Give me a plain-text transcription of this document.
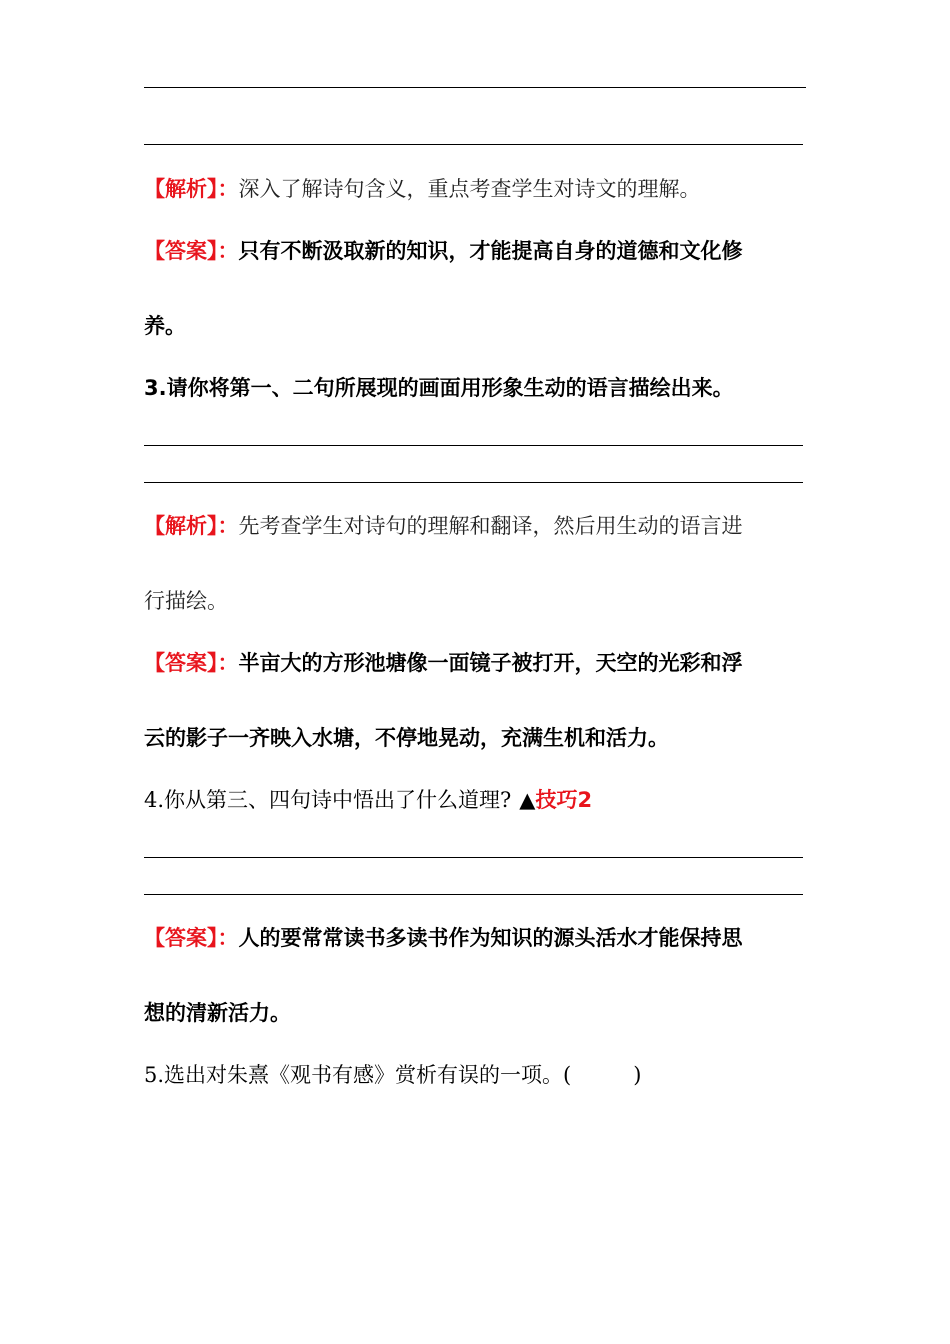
【解析】：深入了解诗句含义，重点考查学生对诗文的理解。
【答案】：只有不断汲取新的知识，才能提高自身的道德和文化修
养。
3.请你将第一、二句所展现的画面用形象生动的语言描绘出来。
【解析】：先考查学生对诗句的理解和翻译，然后用生动的语言进
行描绘。
【答案】：半亩大的方形池塘像一面镜子被打开，天空的光彩和浮
云的影子一齐映入水塘，不停地晃动，充满生机和活力。
4.你从第三、四句诗中悟出了什么道理? ▲技巧2
【答案】：人的要常常读书多读书作为知识的源头活水才能保持思
想的清新活力。
5.选出对朱熹《观书有感》赏析有误的一项。(	)
